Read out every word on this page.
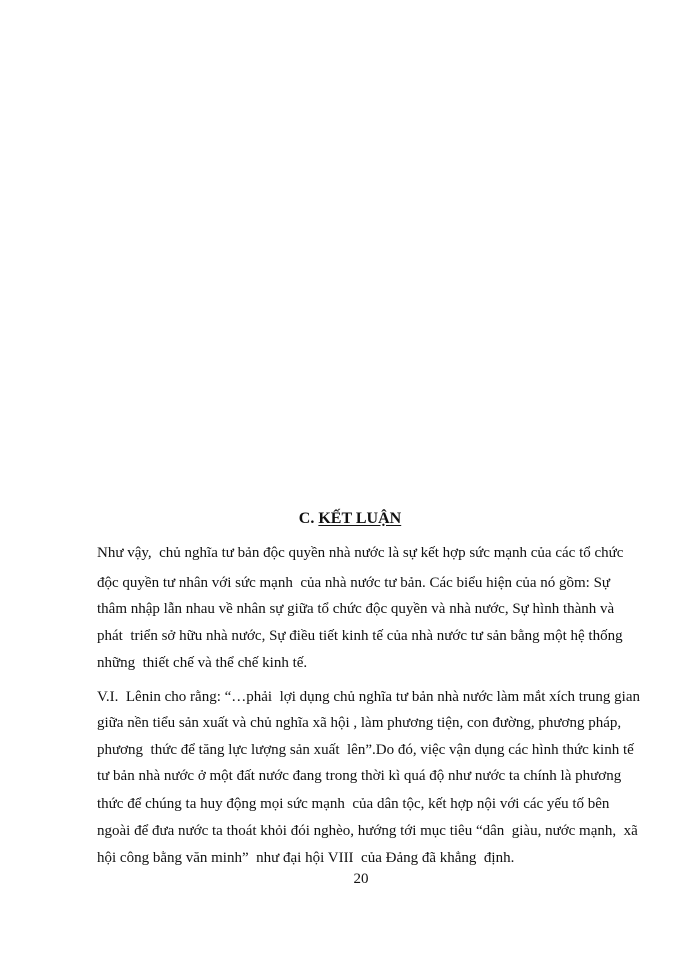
C. KẾT LUẬN

Như vậy,  chủ nghĩa tư bản độc quyền nhà nước là sự kết hợp sức mạnh của các tổ chức

độc quyền tư nhân với sức mạnh  của nhà nước tư bản. Các biểu hiện của nó gồm: Sự

thâm nhập lẫn nhau về nhân sự giữa tổ chức độc quyền và nhà nước, Sự hình thành và

phát  triển sở hữu nhà nước, Sự điều tiết kinh tế của nhà nước tư sản bằng một hệ thống

những  thiết chế và thể chế kinh tế.

V.I.  Lênin cho rằng: “…phải  lợi dụng chủ nghĩa tư bản nhà nước làm mắt xích trung gian

giữa nền tiểu sản xuất và chủ nghĩa xã hội , làm phương tiện, con đường, phương pháp,

phương  thức để tăng lực lượng sản xuất  lên”.Do đó, việc vận dụng các hình thức kinh tế

tư bản nhà nước ở một đất nước đang trong thời kì quá độ như nước ta chính là phương

thức để chúng ta huy động mọi sức mạnh  của dân tộc, kết hợp nội với các yếu tố bên

ngoài để đưa nước ta thoát khỏi đói nghèo, hướng tới mục tiêu “dân  giàu, nước mạnh,  xã

hội công bằng văn minh”  như đại hội VIII  của Đảng đã khẳng  định.

20
